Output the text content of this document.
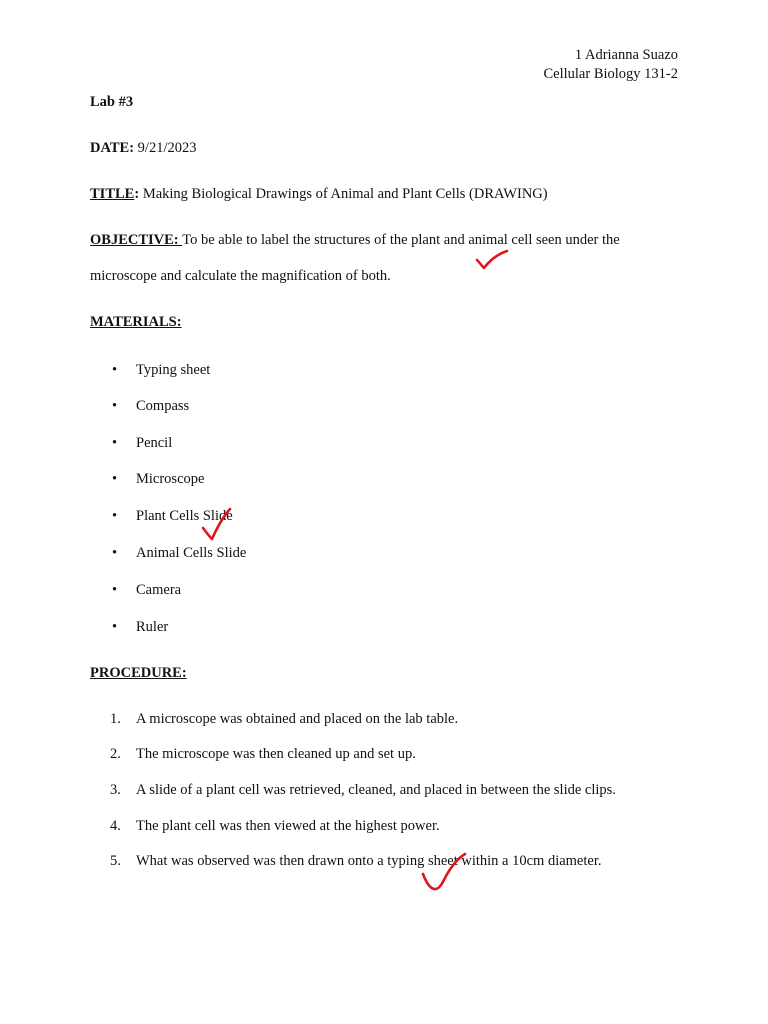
1 Adrianna Suazo
Cellular Biology 131-2
Lab #3
DATE: 9/21/2023
TITLE: Making Biological Drawings of Animal and Plant Cells (DRAWING)
OBJECTIVE: To be able to label the structures of the plant and animal cell seen under the
microscope and calculate the magnification of both.
MATERIALS:
• Typing sheet
• Compass
• Pencil
• Microscope
• Plant Cells Slide
• Animal Cells Slide
• Camera
• Ruler
PROCEDURE:
1. A microscope was obtained and placed on the lab table.
2. The microscope was then cleaned up and set up.
3. A slide of a plant cell was retrieved, cleaned, and placed in between the slide clips.
4. The plant cell was then viewed at the highest power.
5. What was observed was then drawn onto a typing sheet within a 10cm diameter.
